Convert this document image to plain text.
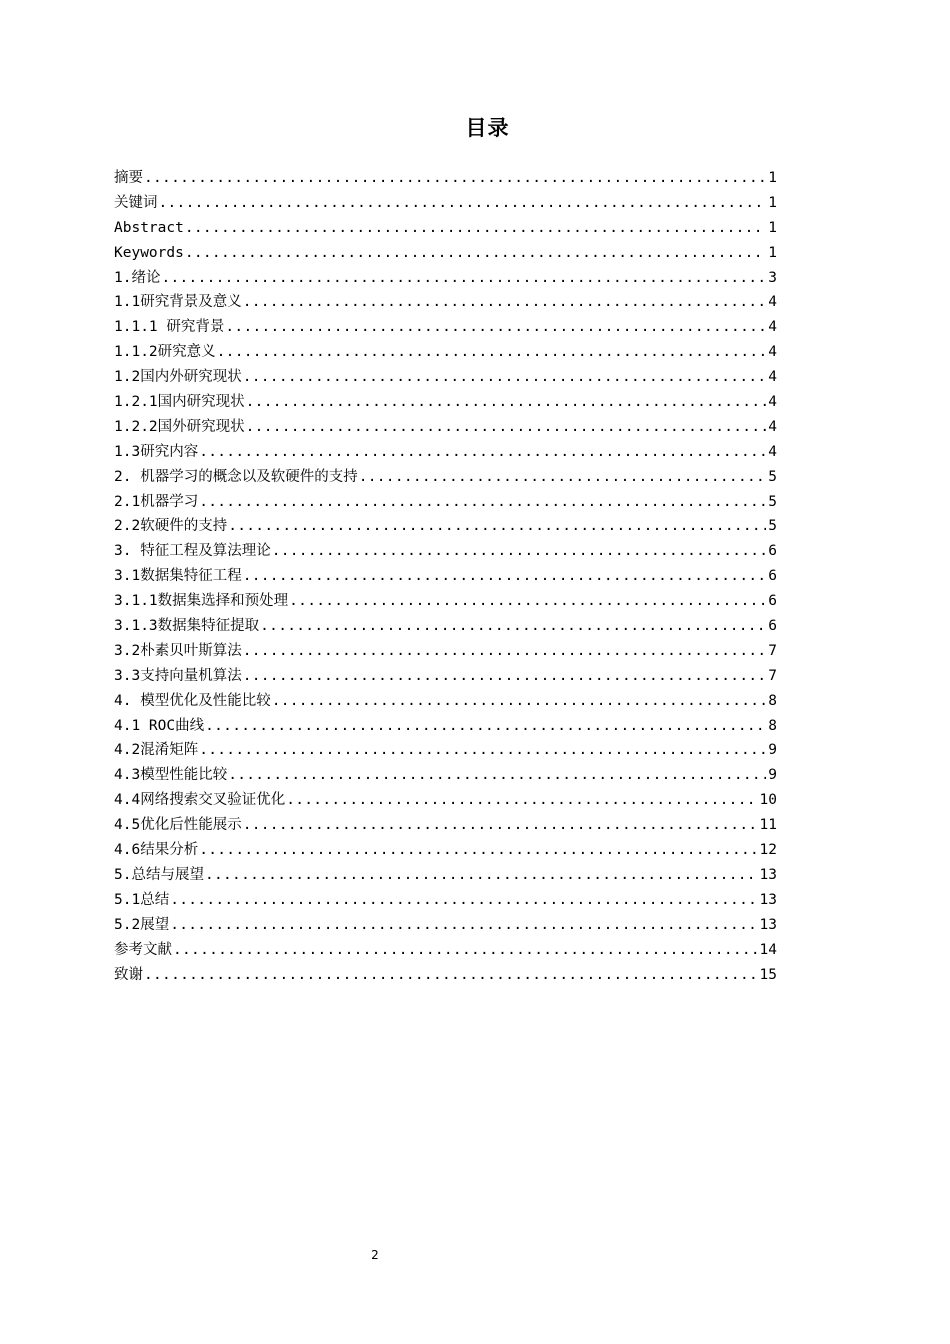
目录
摘要 .....	1
关键词 .....	1
Abstract .....	1
Keywords .....	1
1.绪论 .....	3
1.1研究背景及意义 .....	4
1.1.1 研究背景 .....	4
1.1.2研究意义 .....	4
1.2国内外研究现状 .....	4
1.2.1国内研究现状 .....	4
1.2.2国外研究现状 .....	4
1.3研究内容 .....	4
2. 机器学习的概念以及软硬件的支持 .....	5
2.1机器学习 .....	5
2.2软硬件的支持 .....	5
3. 特征工程及算法理论 .....	6
3.1数据集特征工程 .....	6
3.1.1数据集选择和预处理 .....	6
3.1.3数据集特征提取 .....	6
3.2朴素贝叶斯算法 .....	7
3.3支持向量机算法 .....	7
4. 模型优化及性能比较 .....	8
4.1 ROC曲线 .....	8
4.2混淆矩阵 .....	9
4.3模型性能比较 .....	9
4.4网络搜索交叉验证优化 .....	10
4.5优化后性能展示 .....	11
4.6结果分析 .....	12
5.总结与展望 .....	13
5.1总结 .....	13
5.2展望 .....	13
参考文献 .....	14
致谢 .....	15
2
